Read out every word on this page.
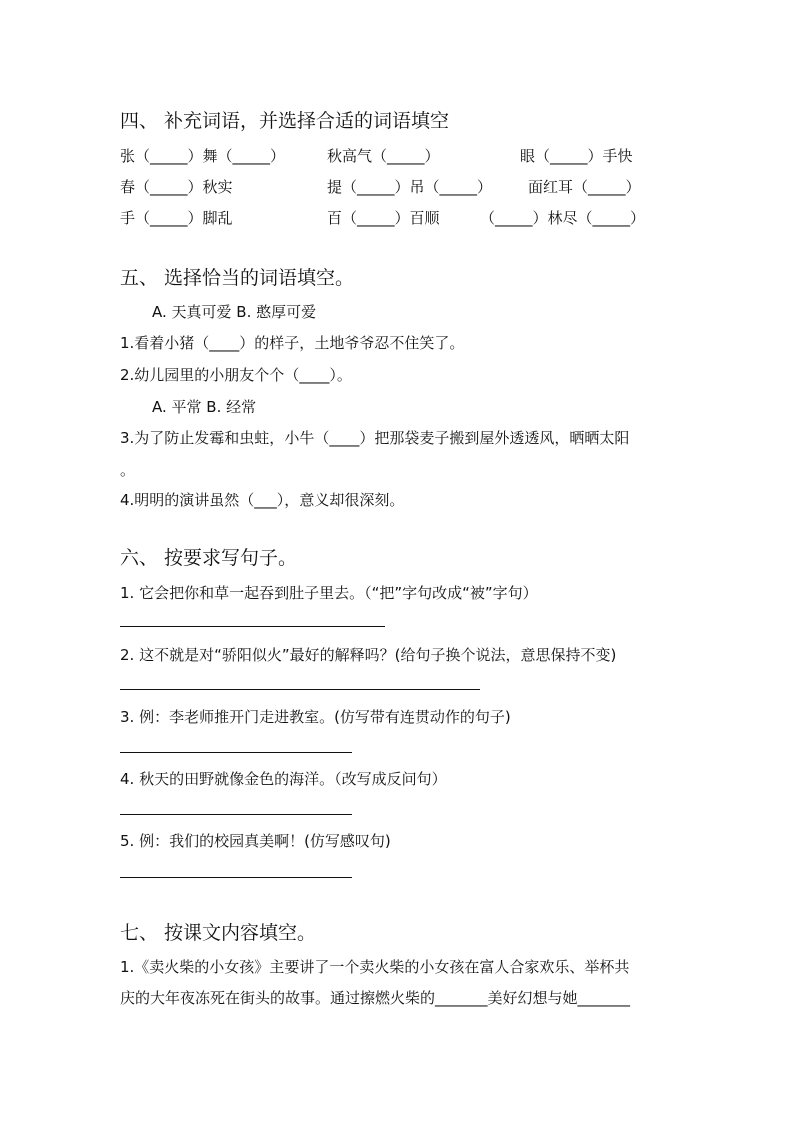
四、 补充词语，并选择合适的词语填空
张（_____）舞（_____）	秋高气（_____）	眼（_____）手快
春（_____）秋实	提（_____）吊（_____） 面红耳（_____）
手（_____）脚乱	百（_____）百顺	（_____）林尽（_____）
五、 选择恰当的词语填空。
A. 天真可爱 B. 憨厚可爱
1.看着小猪（____）的样子，土地爷爷忍不住笑了。
2.幼儿园里的小朋友个个（____）。
A. 平常 B. 经常
3.为了防止发霉和虫蛀，小牛（____）把那袋麦子搬到屋外透透风，晒晒太阳
。
4.明明的演讲虽然（___），意义却很深刻。
六、 按要求写句子。
1. 它会把你和草一起吞到肚子里去。（“把”字句改成“被”字句）
2. 这不就是对“骄阳似火”最好的解释吗？(给句子换个说法，意思保持不变)
3. 例：李老师推开门走进教室。(仿写带有连贯动作的句子)
4. 秋天的田野就像金色的海洋。（改写成反问句）
5. 例：我们的校园真美啊！(仿写感叹句)
七、 按课文内容填空。
1.《卖火柴的小女孩》主要讲了一个卖火柴的小女孩在富人合家欢乐、举杯共
庆的大年夜冻死在街头的故事。通过擦燃火柴的_______美好幻想与她_______
